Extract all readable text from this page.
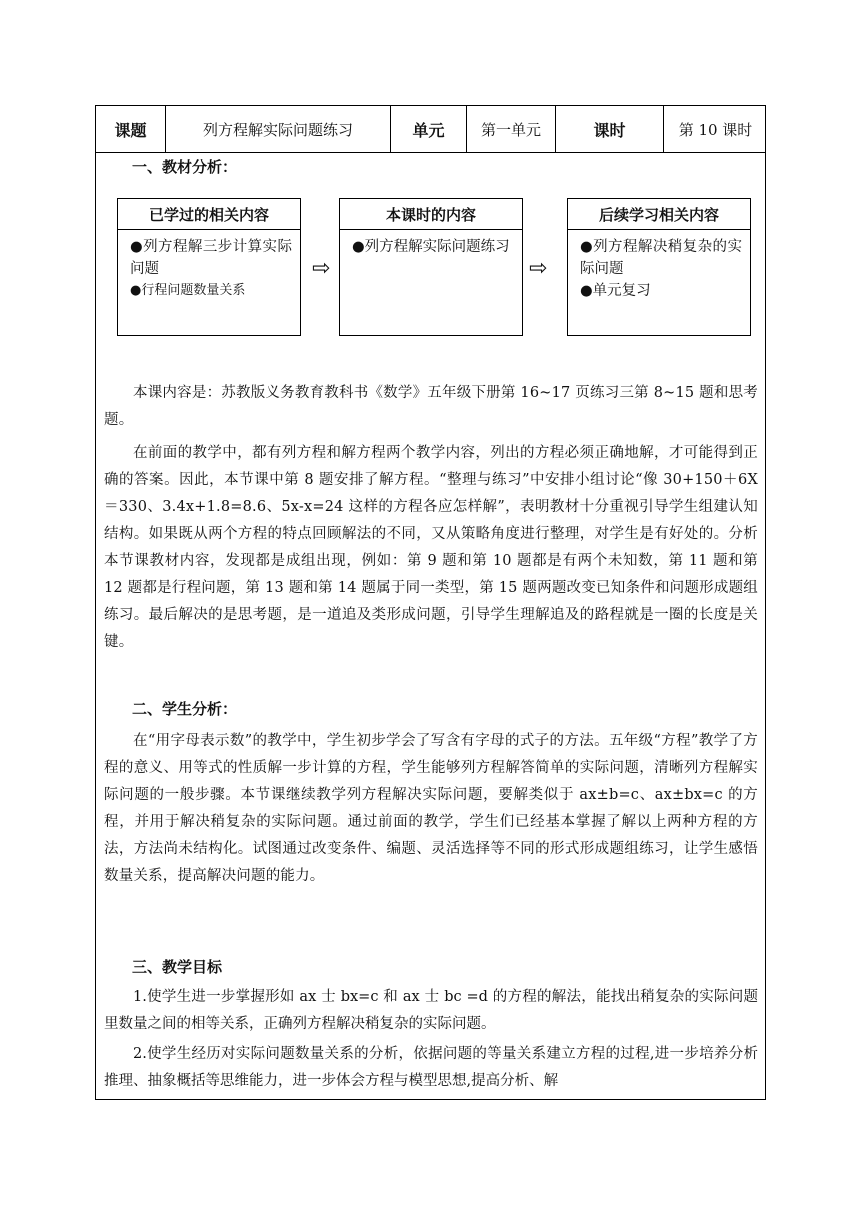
课题	列方程解实际问题练习	单元	第一单元	课时	第 10 课时
一、教材分析：
已学过的相关内容
●列方程解三步计算实际问题
●行程问题数量关系
⇨
本课时的内容
●列方程解实际问题练习
⇨
后续学习相关内容
●列方程解决稍复杂的实际问题
●单元复习
本课内容是：苏教版义务教育教科书《数学》五年级下册第 16~17 页练习三第 8~15 题和思考题。
在前面的教学中，都有列方程和解方程两个教学内容，列出的方程必须正确地解，才可能得到正确的答案。因此，本节课中第 8 题安排了解方程。“整理与练习”中安排小组讨论“像 30+150＋6X＝330、3.4x+1.8=8.6、5x-x=24 这样的方程各应怎样解”，表明教材十分重视引导学生组建认知结构。如果既从两个方程的特点回顾解法的不同，又从策略角度进行整理，对学生是有好处的。分析本节课教材内容，发现都是成组出现，例如：第 9 题和第 10 题都是有两个未知数，第 11 题和第 12 题都是行程问题，第 13 题和第 14 题属于同一类型，第 15 题两题改变已知条件和问题形成题组练习。最后解决的是思考题，是一道追及类形成问题，引导学生理解追及的路程就是一圈的长度是关键。
二、学生分析：
在“用字母表示数”的教学中，学生初步学会了写含有字母的式子的方法。五年级“方程”教学了方程的意义、用等式的性质解一步计算的方程，学生能够列方程解答简单的实际问题，清晰列方程解实际问题的一般步骤。本节课继续教学列方程解决实际问题，要解类似于 ax±b=c、ax±bx=c 的方程，并用于解决稍复杂的实际问题。通过前面的教学，学生们已经基本掌握了解以上两种方程的方法，方法尚未结构化。试图通过改变条件、编题、灵活选择等不同的形式形成题组练习，让学生感悟数量关系，提高解决问题的能力。
三、教学目标
1.使学生进一步掌握形如 ax 士 bx=c 和 ax 士 bc =d 的方程的解法，能找出稍复杂的实际问题里数量之间的相等关系，正确列方程解决稍复杂的实际问题。
2.使学生经历对实际问题数量关系的分析，依据问题的等量关系建立方程的过程,进一步培养分析推理、抽象概括等思维能力，进一步体会方程与模型思想,提高分析、解
